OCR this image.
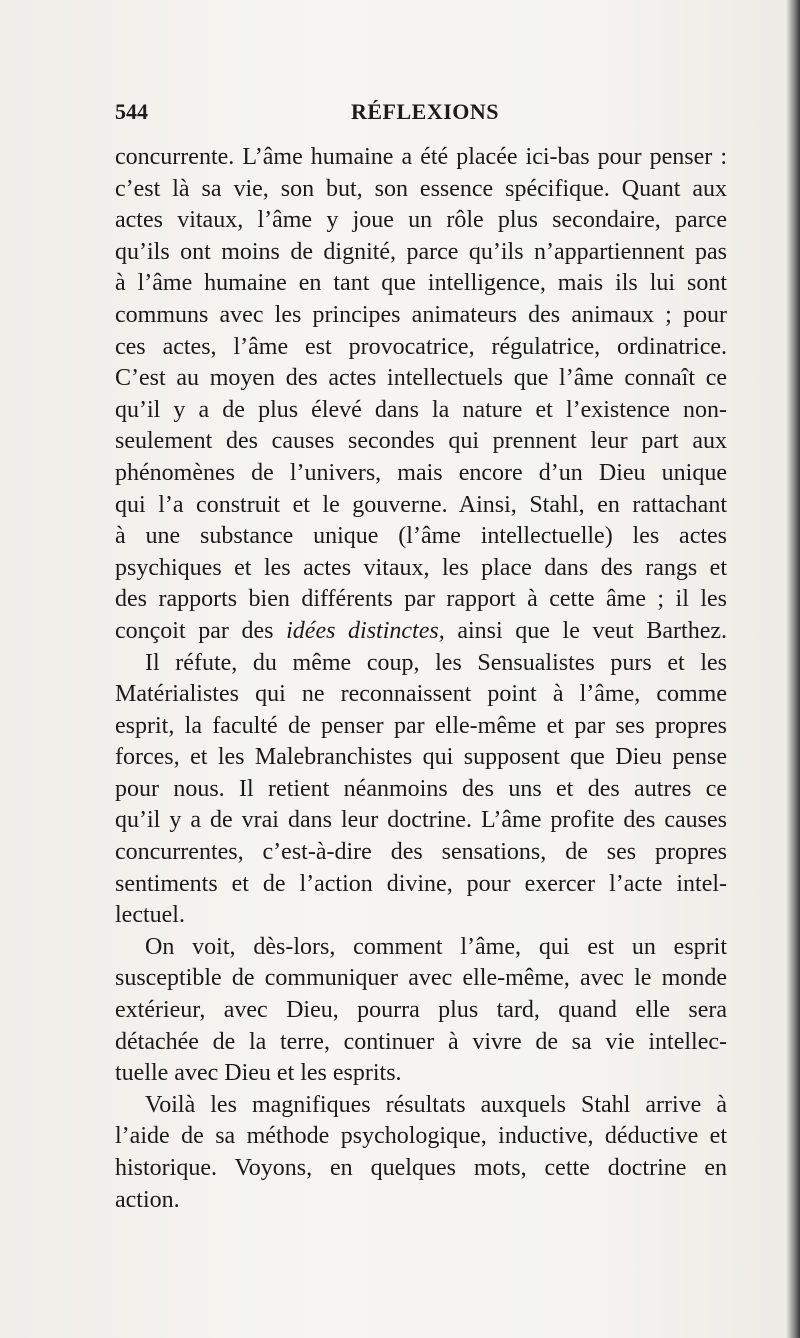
544	RÉFLEXIONS
concurrente. L’âme humaine a été placée ici-bas pour penser :
c’est là sa vie, son but, son essence spécifique. Quant aux
actes vitaux, l’âme y joue un rôle plus secondaire, parce
qu’ils ont moins de dignité, parce qu’ils n’appartiennent pas
à l’âme humaine en tant que intelligence, mais ils lui sont
communs avec les principes animateurs des animaux ; pour
ces actes, l’âme est provocatrice, régulatrice, ordinatrice.
C’est au moyen des actes intellectuels que l’âme connaît ce
qu’il y a de plus élevé dans la nature et l’existence non-
seulement des causes secondes qui prennent leur part aux
phénomènes de l’univers, mais encore d’un Dieu unique
qui l’a construit et le gouverne. Ainsi, Stahl, en rattachant
à une substance unique (l’âme intellectuelle) les actes
psychiques et les actes vitaux, les place dans des rangs et
des rapports bien différents par rapport à cette âme ; il les
conçoit par des idées distinctes, ainsi que le veut Barthez.
Il réfute, du même coup, les Sensualistes purs et les
Matérialistes qui ne reconnaissent point à l’âme, comme
esprit, la faculté de penser par elle-même et par ses propres
forces, et les Malebranchistes qui supposent que Dieu pense
pour nous. Il retient néanmoins des uns et des autres ce
qu’il y a de vrai dans leur doctrine. L’âme profite des causes
concurrentes, c’est-à-dire des sensations, de ses propres
sentiments et de l’action divine, pour exercer l’acte intel-
lectuel.
On voit, dès-lors, comment l’âme, qui est un esprit
susceptible de communiquer avec elle-même, avec le monde
extérieur, avec Dieu, pourra plus tard, quand elle sera
détachée de la terre, continuer à vivre de sa vie intellec-
tuelle avec Dieu et les esprits.
Voilà les magnifiques résultats auxquels Stahl arrive à
l’aide de sa méthode psychologique, inductive, déductive et
historique. Voyons, en quelques mots, cette doctrine en
action.
